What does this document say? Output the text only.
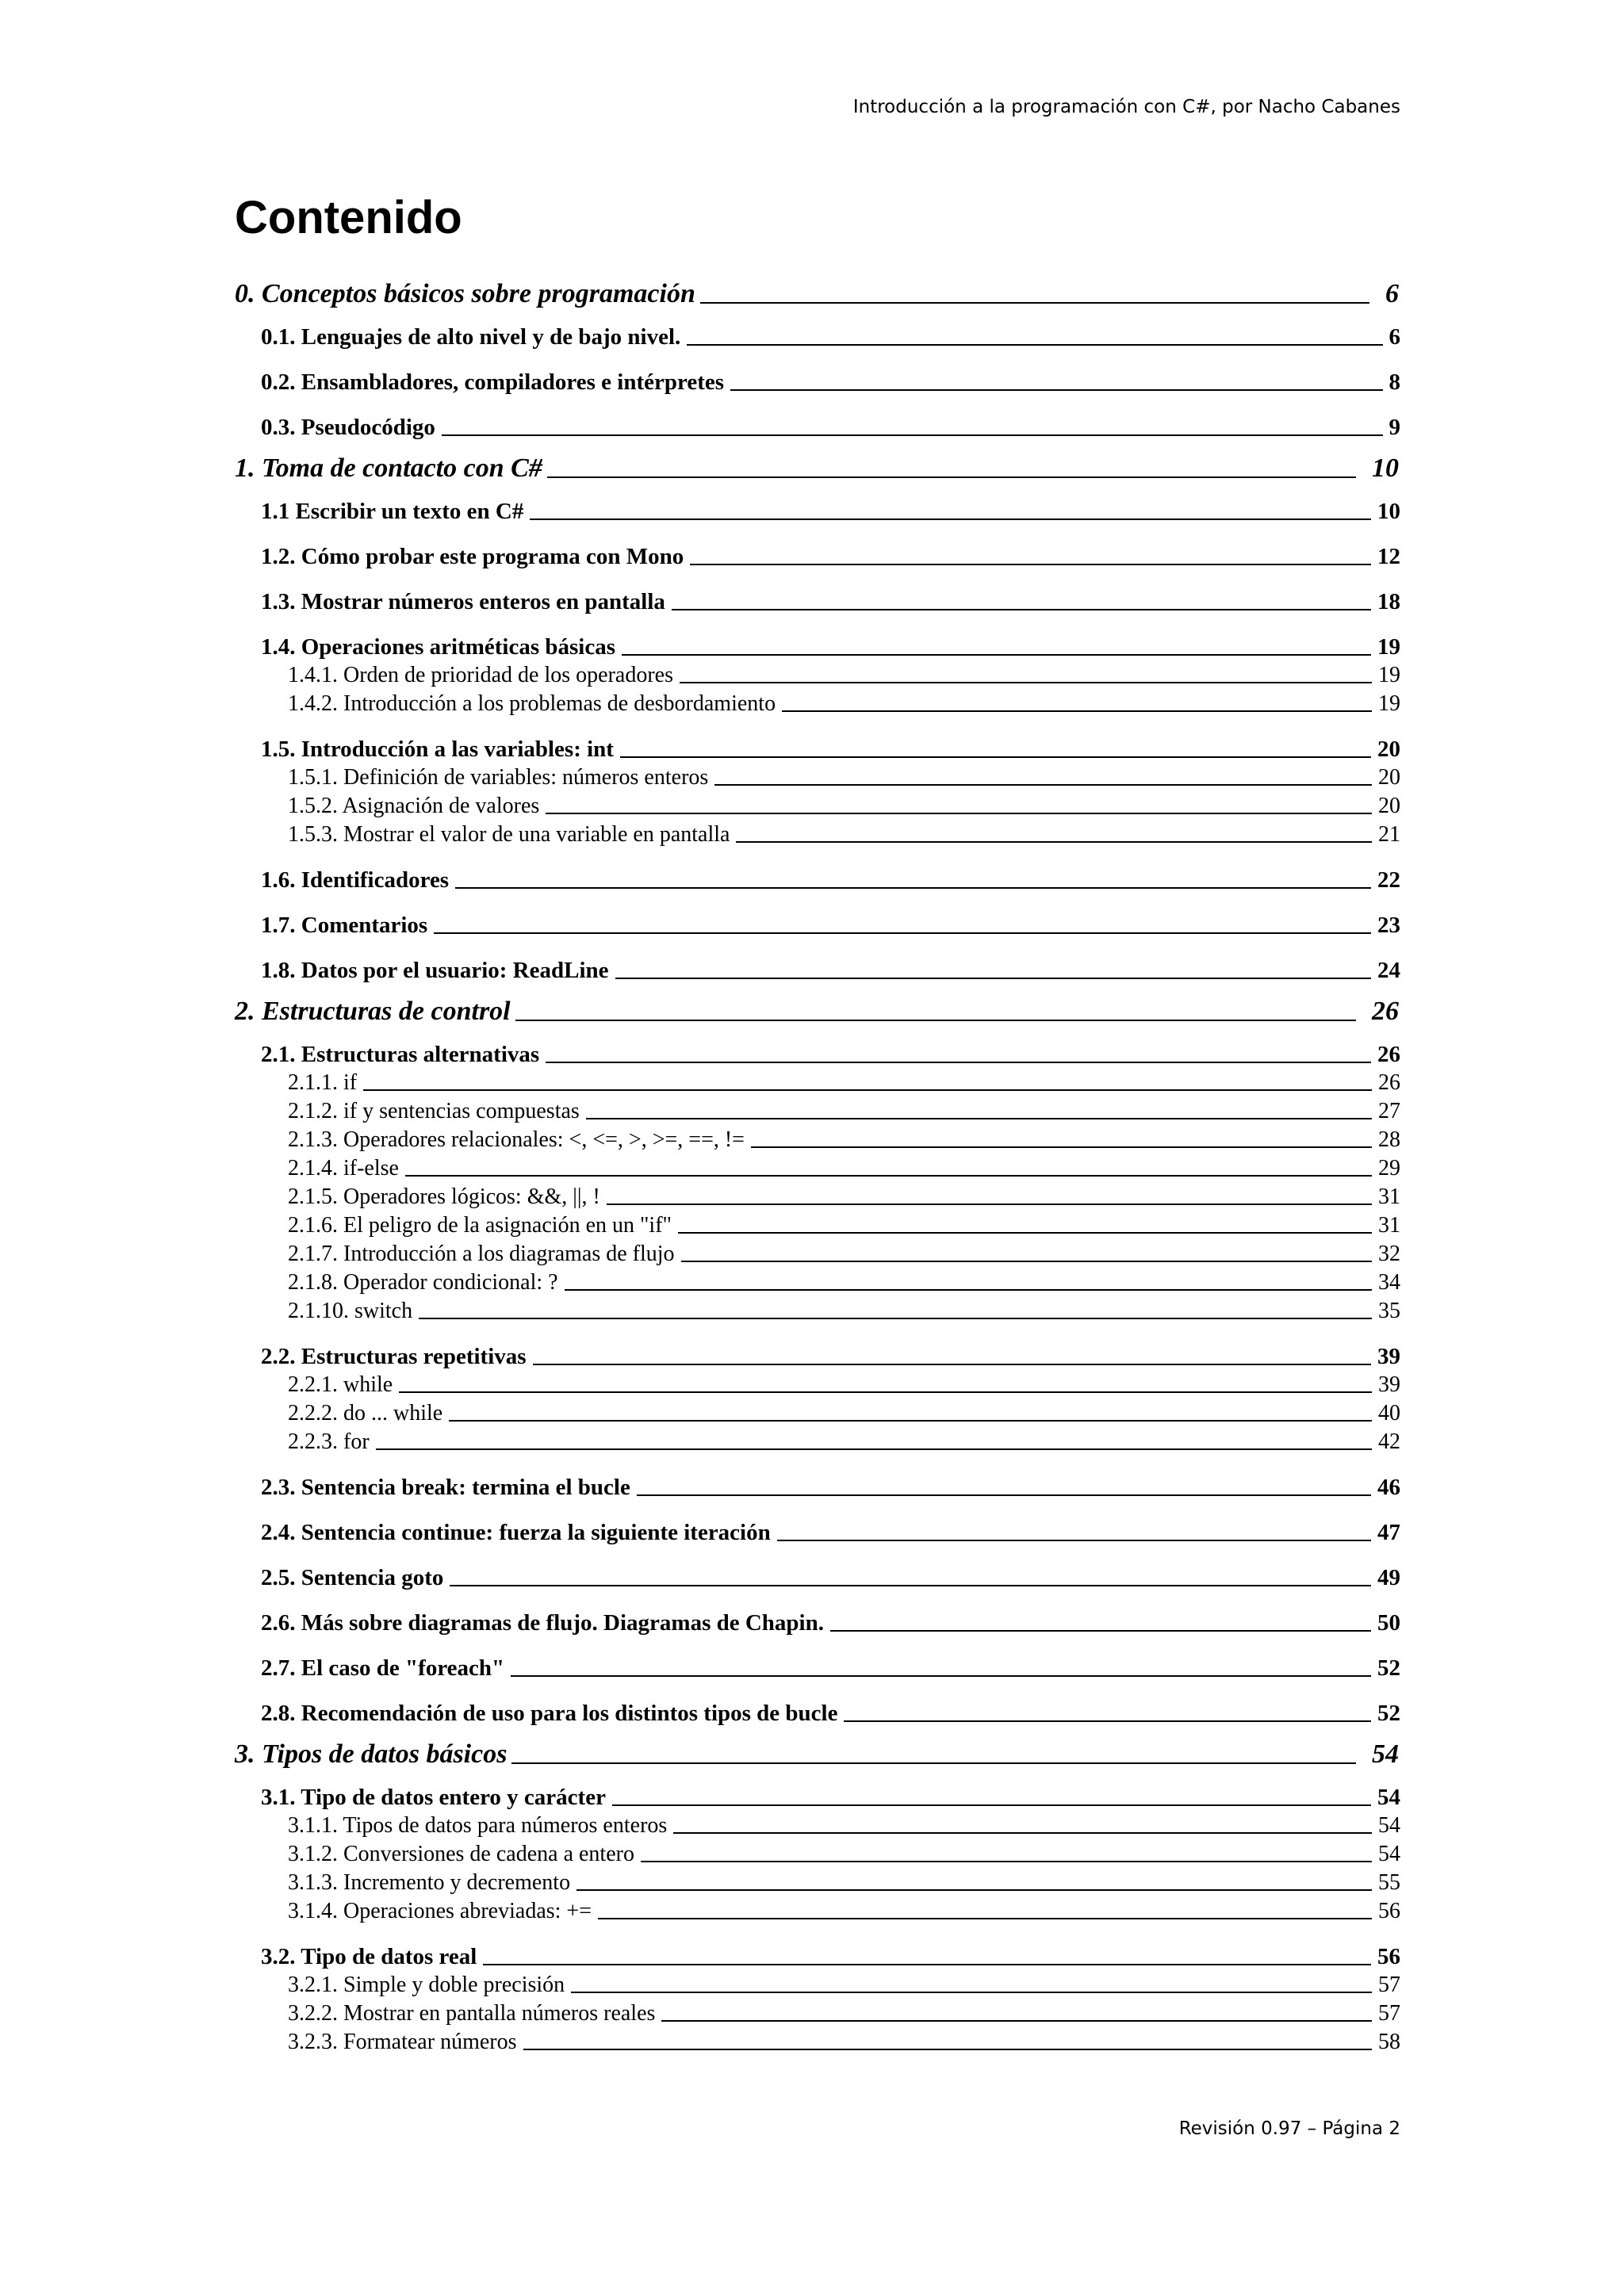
Introducción a la programación con C#, por Nacho Cabanes
Contenido
0. Conceptos básicos sobre programación	6
0.1. Lenguajes de alto nivel y de bajo nivel.	6
0.2. Ensambladores, compiladores e intérpretes	8
0.3. Pseudocódigo	9
1. Toma de contacto con C#	10
1.1 Escribir un texto en C#	10
1.2. Cómo probar este programa con Mono	12
1.3. Mostrar números enteros en pantalla	18
1.4. Operaciones aritméticas básicas	19
1.4.1. Orden de prioridad de los operadores	19
1.4.2. Introducción a los problemas de desbordamiento	19
1.5. Introducción a las variables: int	20
1.5.1. Definición de variables: números enteros	20
1.5.2. Asignación de valores	20
1.5.3. Mostrar el valor de una variable en pantalla	21
1.6. Identificadores	22
1.7. Comentarios	23
1.8. Datos por el usuario: ReadLine	24
2. Estructuras de control	26
2.1. Estructuras alternativas	26
2.1.1. if	26
2.1.2. if y sentencias compuestas	27
2.1.3. Operadores relacionales: <, <=, >, >=, ==, !=	28
2.1.4. if-else	29
2.1.5. Operadores lógicos: &&, ||, !	31
2.1.6. El peligro de la asignación en un "if"	31
2.1.7. Introducción a los diagramas de flujo	32
2.1.8. Operador condicional: ?	34
2.1.10. switch	35
2.2. Estructuras repetitivas	39
2.2.1. while	39
2.2.2. do ... while	40
2.2.3. for	42
2.3. Sentencia break: termina el bucle	46
2.4. Sentencia continue: fuerza la siguiente iteración	47
2.5. Sentencia goto	49
2.6. Más sobre diagramas de flujo. Diagramas de Chapin.	50
2.7. El caso de "foreach"	52
2.8. Recomendación de uso para los distintos tipos de bucle	52
3. Tipos de datos básicos	54
3.1. Tipo de datos entero y carácter	54
3.1.1. Tipos de datos para números enteros	54
3.1.2. Conversiones de cadena a entero	54
3.1.3. Incremento y decremento	55
3.1.4. Operaciones abreviadas: +=	56
3.2. Tipo de datos real	56
3.2.1. Simple y doble precisión	57
3.2.2. Mostrar en pantalla números reales	57
3.2.3. Formatear números	58
Revisión 0.97 – Página 2
